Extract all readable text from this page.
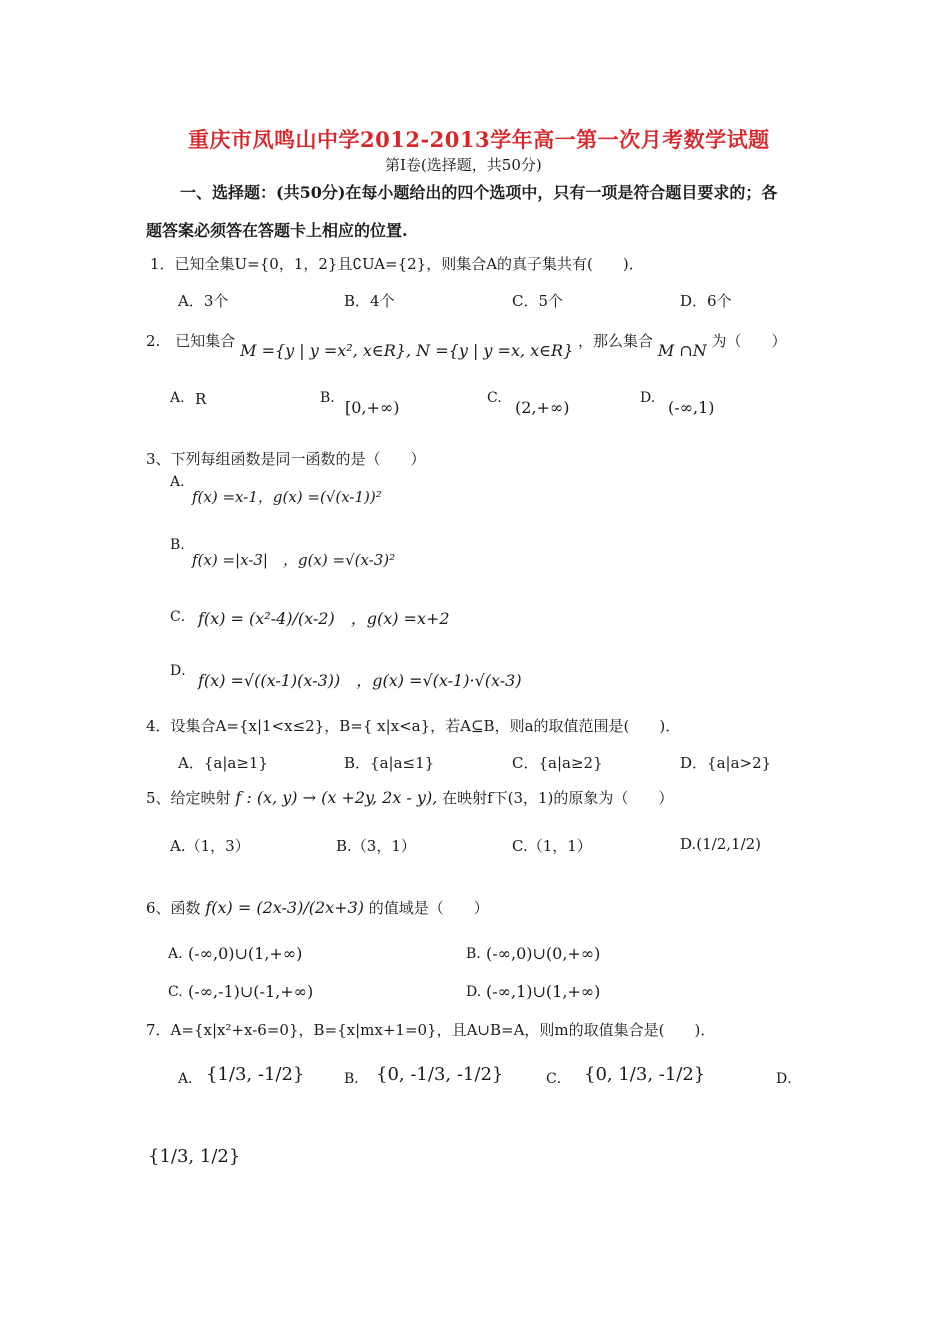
重庆市凤鸣山中学2012-2013学年高一第一次月考数学试题
第Ⅰ卷(选择题，共50分)
一、选择题：(共50分)在每小题给出的四个选项中，只有一项是符合题目要求的；各
题答案必须答在答题卡上相应的位置.
1．已知全集U={0，1，2}且∁UA={2}，则集合A的真子集共有(　　)．
A．3个	B．4个	C．5个	D．6个
2.　已知集合 M ={y | y =x², x∈R}, N ={y | y =x, x∈R} ，那么集合 M ∩N 为（　　）
A. R	B. [0,+∞)	C. (2,+∞)	D. (-∞,1)
3、下列每组函数是同一函数的是（　　）
A.
f(x) =x-1，g(x) =(√(x-1))²
B.
f(x) =|x-3|　，g(x) =√(x-3)²
C． f(x) = (x²-4)/(x-2)　，g(x) =x+2
D． f(x) =√((x-1)(x-3))　，g(x) =√(x-1)·√(x-3)
4．设集合A={x|1<x≤2}，B={ x|x<a}，若A⊆B，则a的取值范围是(　　)．
A．{a|a≥1}	B．{a|a≤1}	C．{a|a≥2}	D．{a|a>2}
5、给定映射 f : (x, y) → (x +2y, 2x - y), 在映射f下(3，1)的原象为（　　）
A.（1，3）	B.（3，1）	C.（1，1）	D.(1/2,1/2)
6、函数 f(x) = (2x-3)/(2x+3) 的值域是（　　）
A. (-∞,0)∪(1,+∞)	B. (-∞,0)∪(0,+∞)
C. (-∞,-1)∪(-1,+∞)	D. (-∞,1)∪(1,+∞)
7．A={x|x²+x-6=0}，B={x|mx+1=0}，且A∪B=A，则m的取值集合是(　　)．
A． {1/3, -1/2}	B． {0, -1/3, -1/2}	C． {0, 1/3, -1/2}	D．
{1/3, 1/2}
